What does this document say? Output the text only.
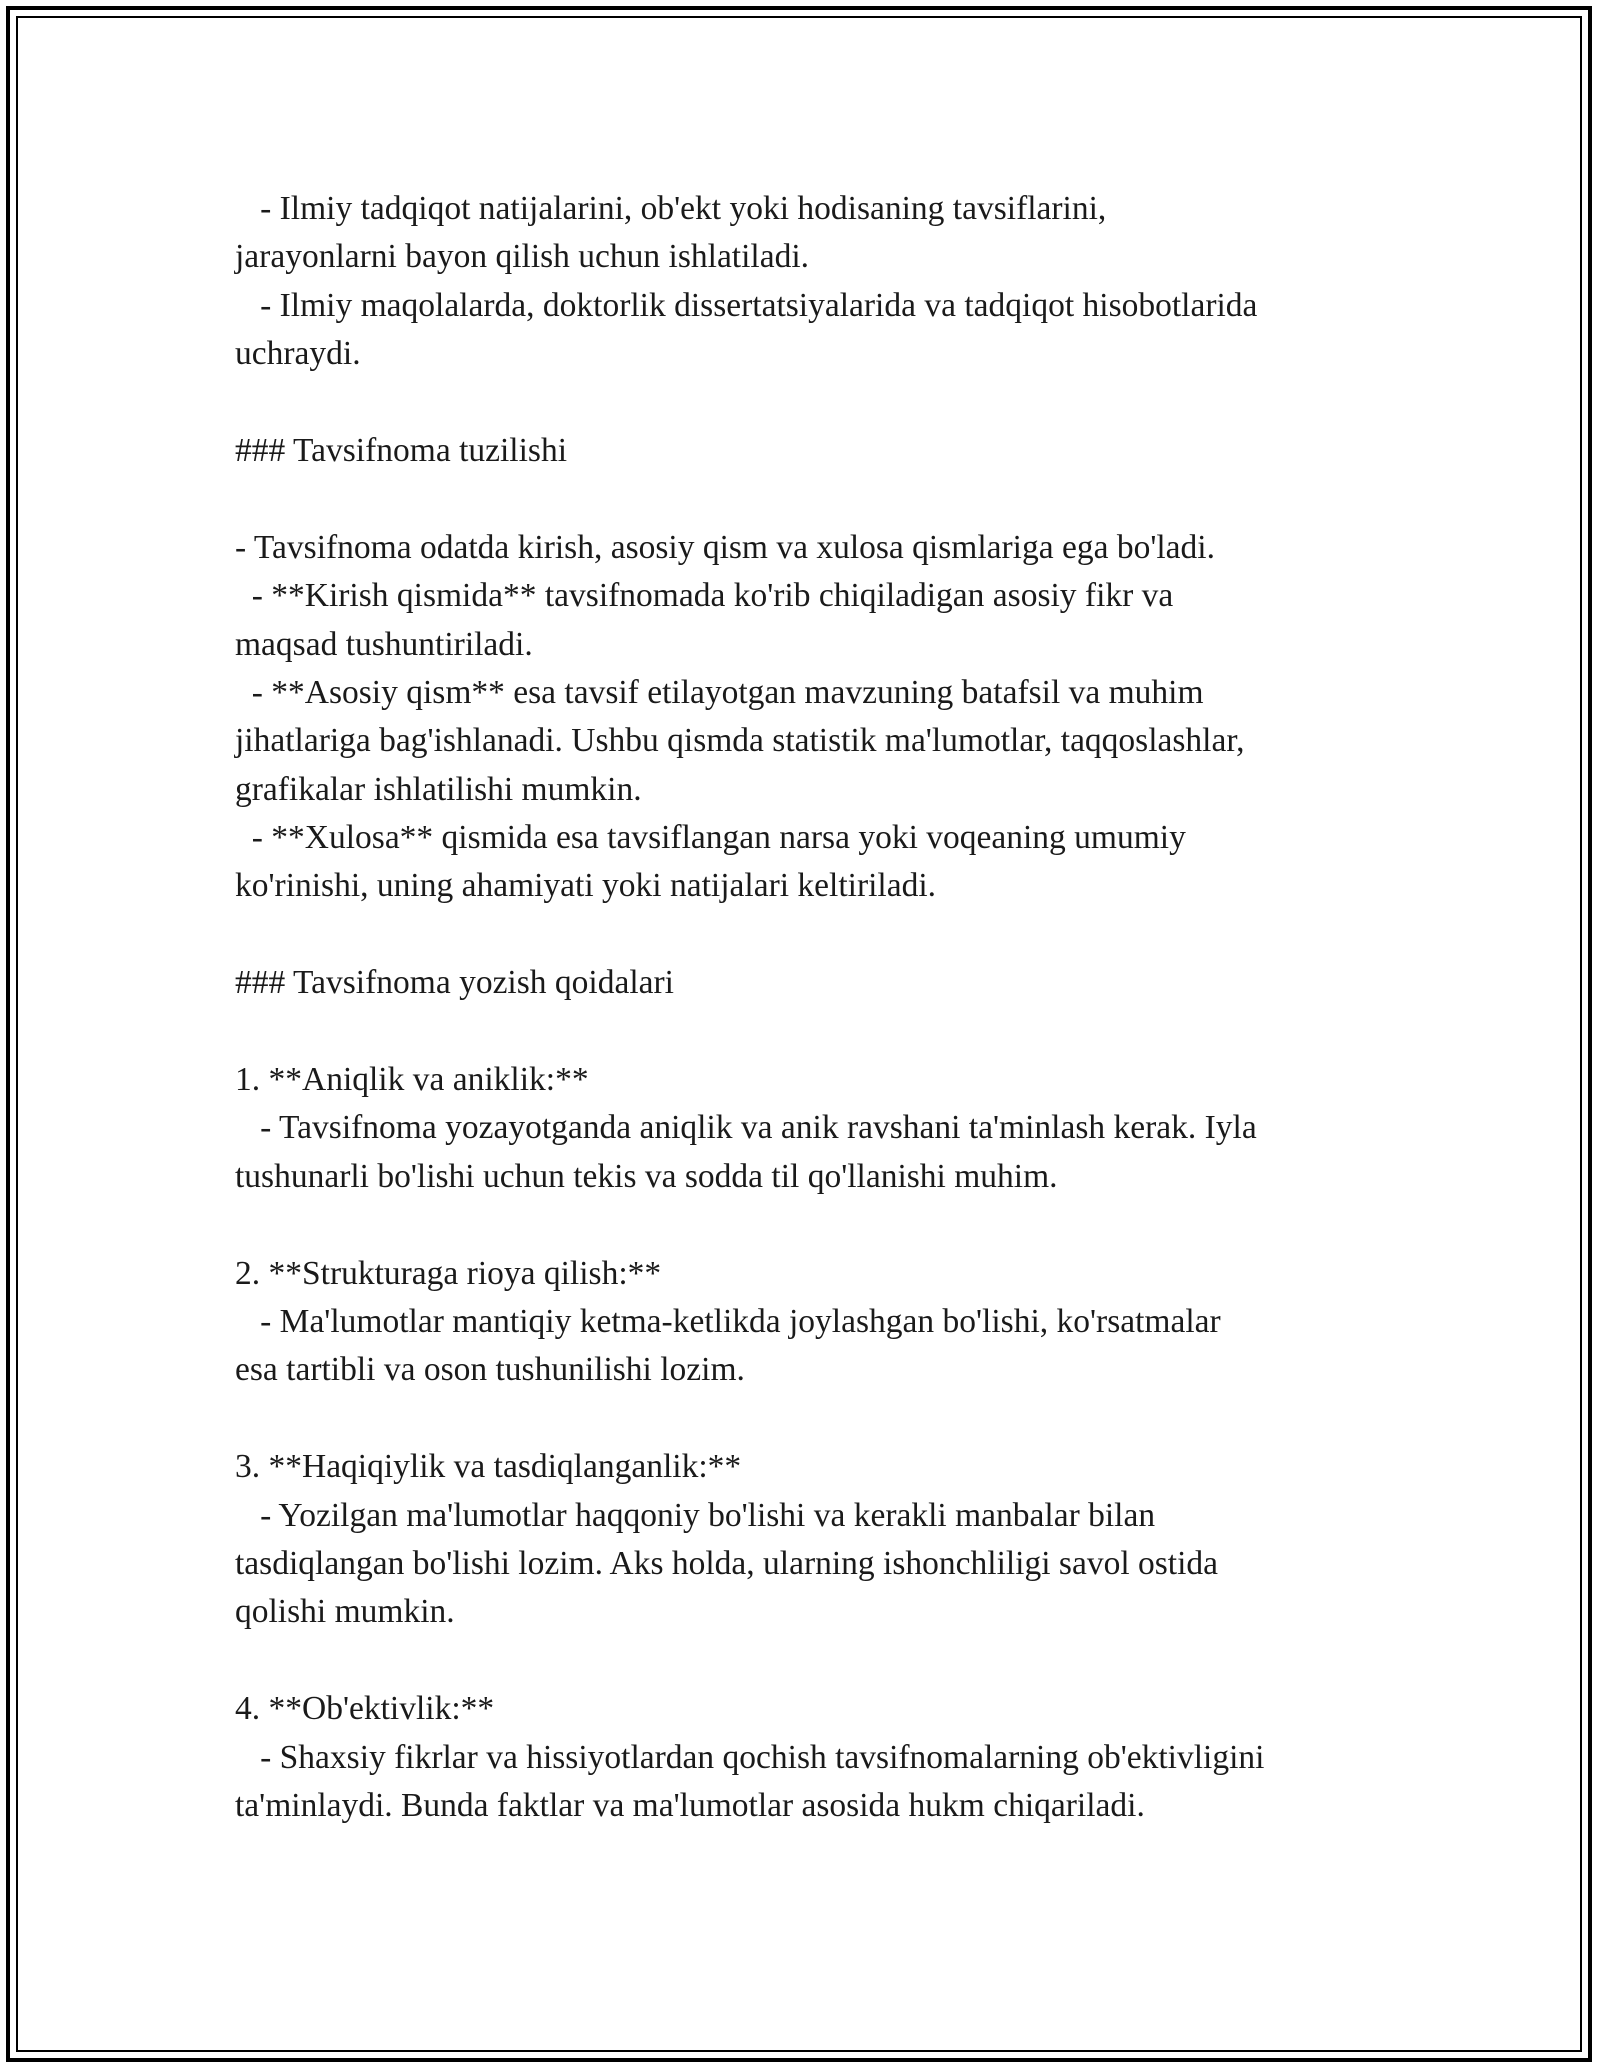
- Ilmiy tadqiqot natijalarini, ob'ekt yoki hodisaning tavsiflarini,
jarayonlarni bayon qilish uchun ishlatiladi.
- Ilmiy maqolalarda, doktorlik dissertatsiyalarida va tadqiqot hisobotlarida
uchraydi.
### Tavsifnoma tuzilishi
- Tavsifnoma odatda kirish, asosiy qism va xulosa qismlariga ega bo'ladi.
- **Kirish qismida** tavsifnomada ko'rib chiqiladigan asosiy fikr va
maqsad tushuntiriladi.
- **Asosiy qism** esa tavsif etilayotgan mavzuning batafsil va muhim
jihatlariga bag'ishlanadi. Ushbu qismda statistik ma'lumotlar, taqqoslashlar,
grafikalar ishlatilishi mumkin.
- **Xulosa** qismida esa tavsiflangan narsa yoki voqeaning umumiy
ko'rinishi, uning ahamiyati yoki natijalari keltiriladi.
### Tavsifnoma yozish qoidalari
1. **Aniqlik va aniklik:**
- Tavsifnoma yozayotganda aniqlik va anik ravshani ta'minlash kerak. Iyla
tushunarli bo'lishi uchun tekis va sodda til qo'llanishi muhim.
2. **Strukturaga rioya qilish:**
- Ma'lumotlar mantiqiy ketma-ketlikda joylashgan bo'lishi, ko'rsatmalar
esa tartibli va oson tushunilishi lozim.
3. **Haqiqiylik va tasdiqlanganlik:**
- Yozilgan ma'lumotlar haqqoniy bo'lishi va kerakli manbalar bilan
tasdiqlangan bo'lishi lozim. Aks holda, ularning ishonchliligi savol ostida
qolishi mumkin.
4. **Ob'ektivlik:**
- Shaxsiy fikrlar va hissiyotlardan qochish tavsifnomalarning ob'ektivligini
ta'minlaydi. Bunda faktlar va ma'lumotlar asosida hukm chiqariladi.
